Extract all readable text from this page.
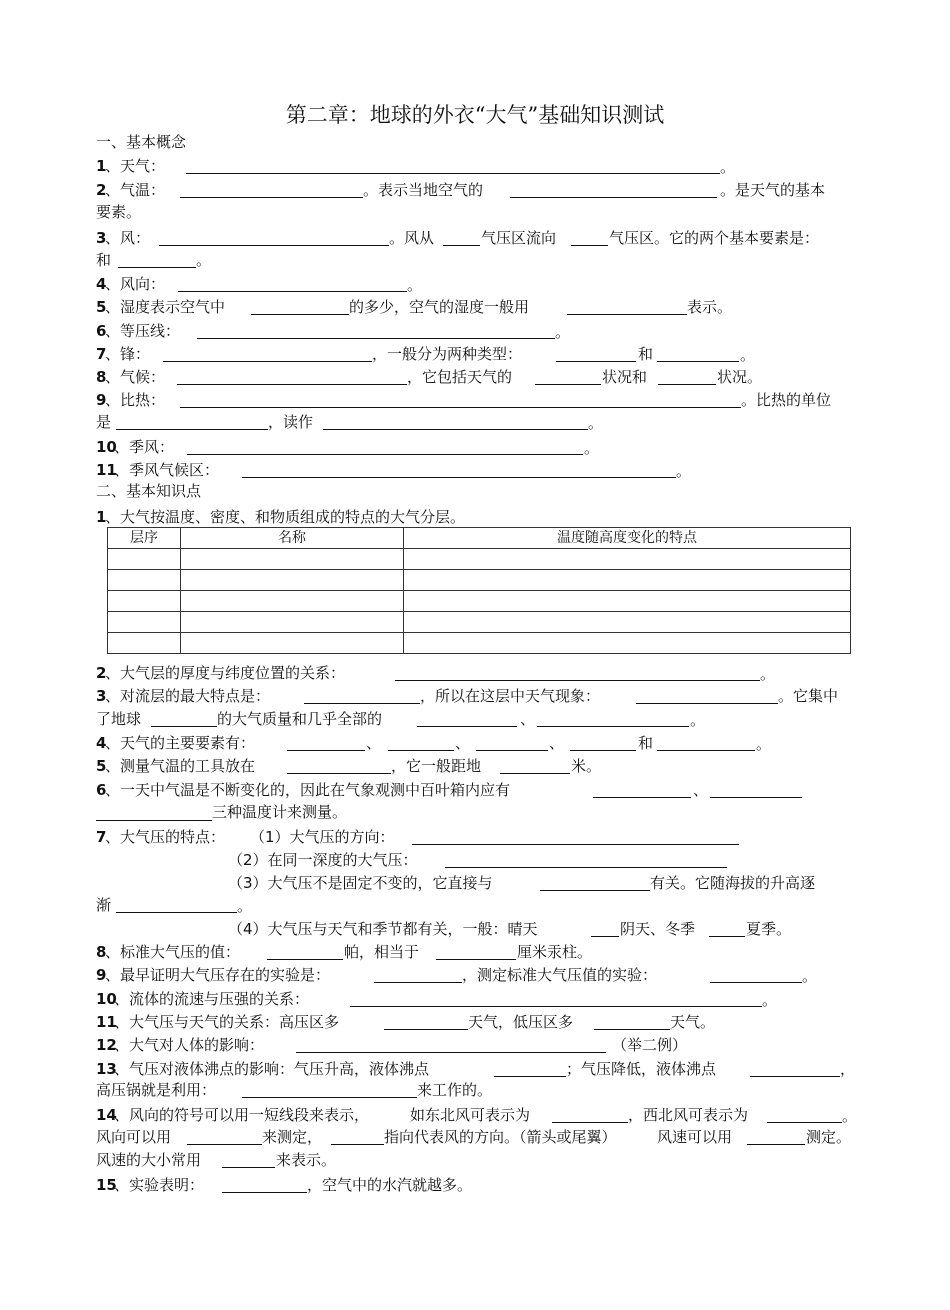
第二章：地球的外衣“大气”基础知识测试
一、基本概念
1
、天气：	。
2
、气温：	。表示当地空气的	。是天气的基本
要素。
3
、风：	。风从	气压区流向	气压区。它的两个基本要素是：
和	。
4
、风向：	。
5
、湿度表示空气中	的多少，空气的湿度一般用	表示。
6
、等压线：	。
7
、锋：	，一般分为两种类型：	和	。
8
、气候：	，它包括天气的	状况和	状况。
9
、比热：	。比热的单位
是	，读作	。
10
、季风：	。
11
、季风气候区：	。
二、基本知识点
1
、大气按温度、密度、和物质组成的特点的大气分层。
层序	名称	温度随高度变化的特点

2
、大气层的厚度与纬度位置的关系：	。
3
、对流层的最大特点是：	，所以在这层中天气现象：	。它集中
了地球	的大气质量和几乎全部的	、	。
4
、天气的主要要素有：	、	、	、	和	。
5
、测量气温的工具放在	，它一般距地	米。
6
、一天中气温是不断变化的，因此在气象观测中百叶箱内应有	、
三种温度计来测量。
7
、大气压的特点： （1）大气压的方向：
（2）在同一深度的大气压：
（3）大气压不是固定不变的，它直接与	有关。它随海拔的升高逐
渐	。
（4）大气压与天气和季节都有关，一般：晴天	阴天、冬季	夏季。
8
、标准大气压的值：	帕，相当于	厘米汞柱。
9
、最早证明大气压存在的实验是：	，测定标准大气压值的实验：	。
10
、流体的流速与压强的关系：	。
11
、大气压与天气的关系：高压区多	天气，低压区多	天气。
12
、大气对人体的影响：	（举二例）
13
、气压对液体沸点的影响：气压升高，液体沸点	；气压降低，液体沸点	，
高压锅就是利用：	来工作的。
14
、风向的符号可以用一短线段来表示，	如东北风可表示为	，西北风可表示为	。
风向可以用	来测定，	指向代表风的方向。（箭头或尾翼）	风速可以用	测定。
风速的大小常用	来表示。
15
、实验表明：	，空气中的水汽就越多。
